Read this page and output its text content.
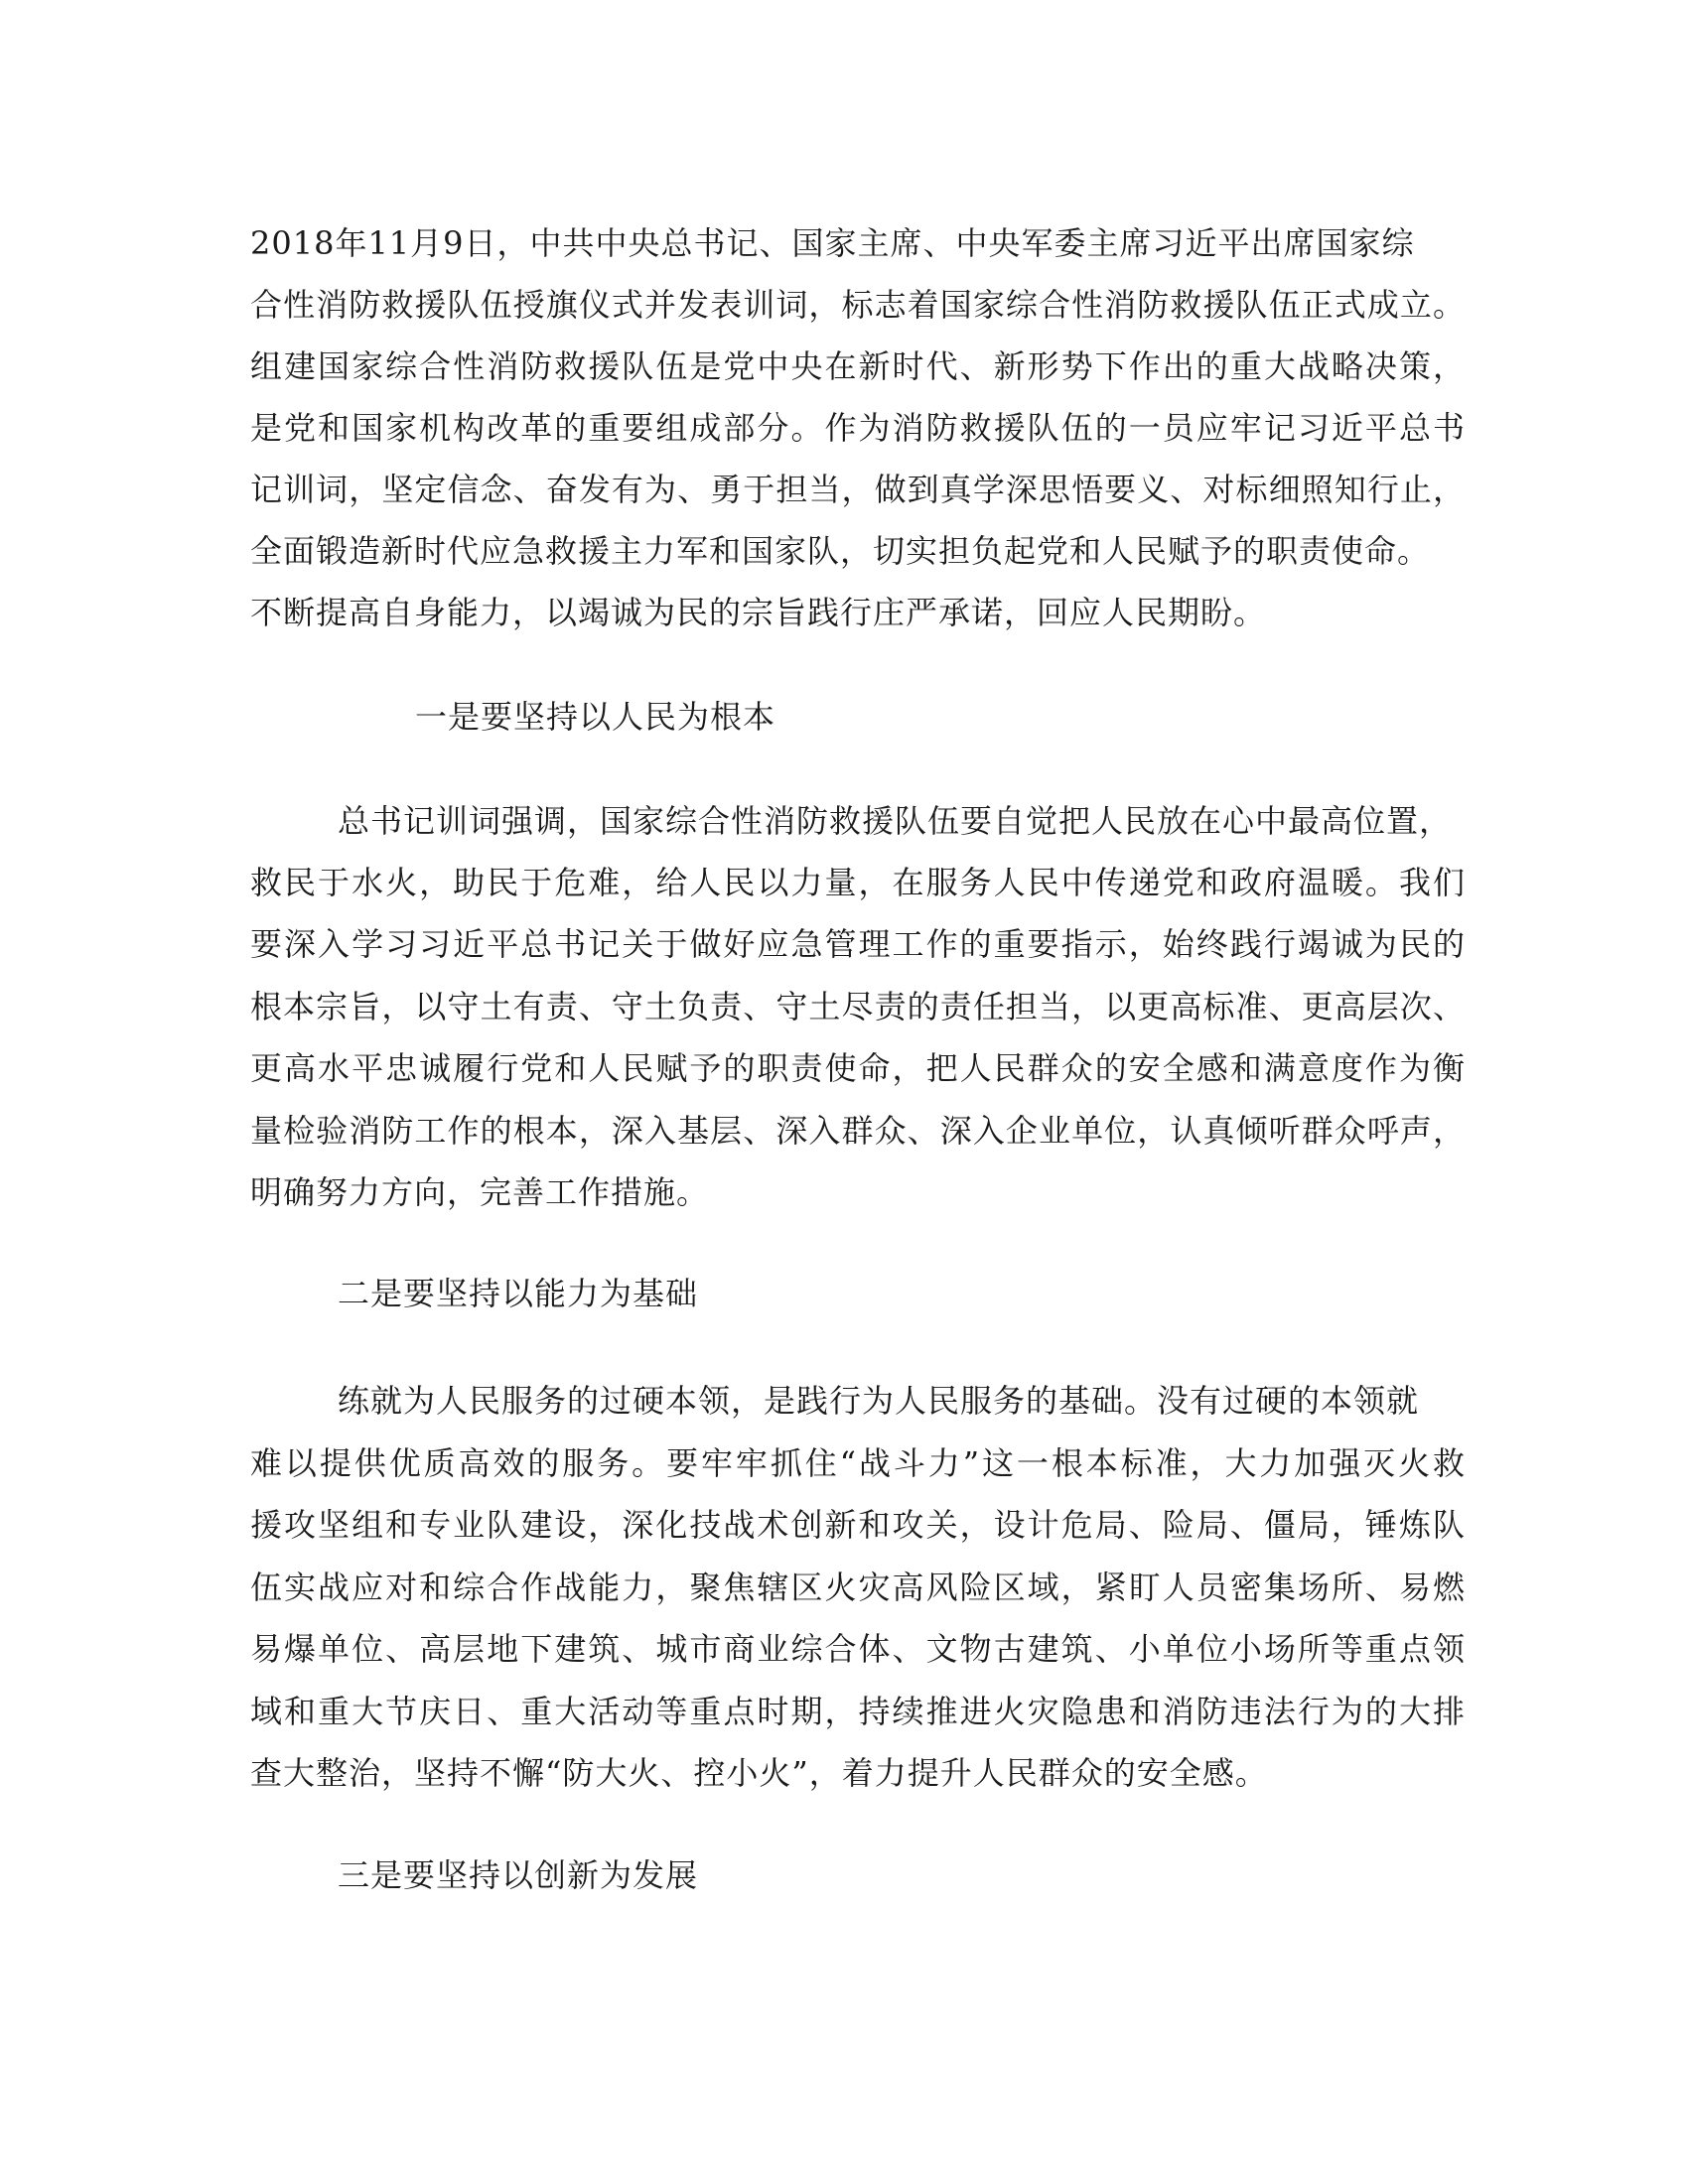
2018年11月9日，中共中央总书记、国家主席、中央军委主席习近平出席国家综
合性消防救援队伍授旗仪式并发表训词，标志着国家综合性消防救援队伍正式成立。
组建国家综合性消防救援队伍是党中央在新时代、新形势下作出的重大战略决策，
是党和国家机构改革的重要组成部分。作为消防救援队伍的一员应牢记习近平总书
记训词，坚定信念、奋发有为、勇于担当，做到真学深思悟要义、对标细照知行止，
全面锻造新时代应急救援主力军和国家队，切实担负起党和人民赋予的职责使命。
不断提高自身能力，以竭诚为民的宗旨践行庄严承诺，回应人民期盼。
一是要坚持以人民为根本
总书记训词强调，国家综合性消防救援队伍要自觉把人民放在心中最高位置，
救民于水火，助民于危难，给人民以力量，在服务人民中传递党和政府温暖。我们
要深入学习习近平总书记关于做好应急管理工作的重要指示，始终践行竭诚为民的
根本宗旨，以守土有责、守土负责、守土尽责的责任担当，以更高标准、更高层次、
更高水平忠诚履行党和人民赋予的职责使命，把人民群众的安全感和满意度作为衡
量检验消防工作的根本，深入基层、深入群众、深入企业单位，认真倾听群众呼声，
明确努力方向，完善工作措施。
二是要坚持以能力为基础
练就为人民服务的过硬本领，是践行为人民服务的基础。没有过硬的本领就
难以提供优质高效的服务。要牢牢抓住“战斗力”这一根本标准，大力加强灭火救
援攻坚组和专业队建设，深化技战术创新和攻关，设计危局、险局、僵局，锤炼队
伍实战应对和综合作战能力，聚焦辖区火灾高风险区域，紧盯人员密集场所、易燃
易爆单位、高层地下建筑、城市商业综合体、文物古建筑、小单位小场所等重点领
域和重大节庆日、重大活动等重点时期，持续推进火灾隐患和消防违法行为的大排
查大整治，坚持不懈“防大火、控小火”，着力提升人民群众的安全感。
三是要坚持以创新为发展
